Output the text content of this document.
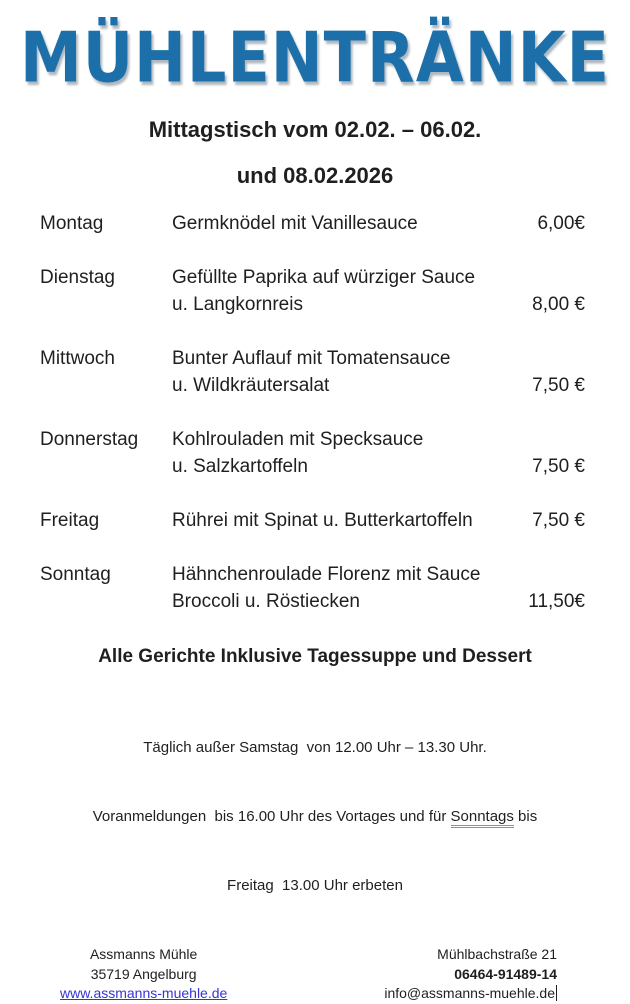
MÜHLENTRÄNKE
Mittagstisch vom 02.02. – 06.02.
und 08.02.2026
Montag	Germknödel mit Vanillesauce	6,00€
Dienstag	Gefüllte Paprika auf würziger Sauce
u. Langkornreis	8,00 €
Mittwoch	Bunter Auflauf mit Tomatensauce
u. Wildkräutersalat	7,50 €
Donnerstag	Kohlrouladen mit Specksauce
u. Salzkartoffeln	7,50 €
Freitag	Rührei mit Spinat u. Butterkartoffeln	7,50 €
Sonntag	Hähnchenroulade Florenz mit Sauce
Broccoli u. Röstiecken	11,50€
Alle Gerichte Inklusive Tagessuppe und Dessert

Täglich außer Samstag  von 12.00 Uhr – 13.30 Uhr.

Voranmeldungen  bis 16.00 Uhr des Vortages und für Sonntags bis

Freitag  13.00 Uhr erbeten

Assmanns Mühle
35719 Angelburg
www.assmanns-muehle.de
Mühlbachstraße 21
06464-91489-14
info@assmanns-muehle.de
